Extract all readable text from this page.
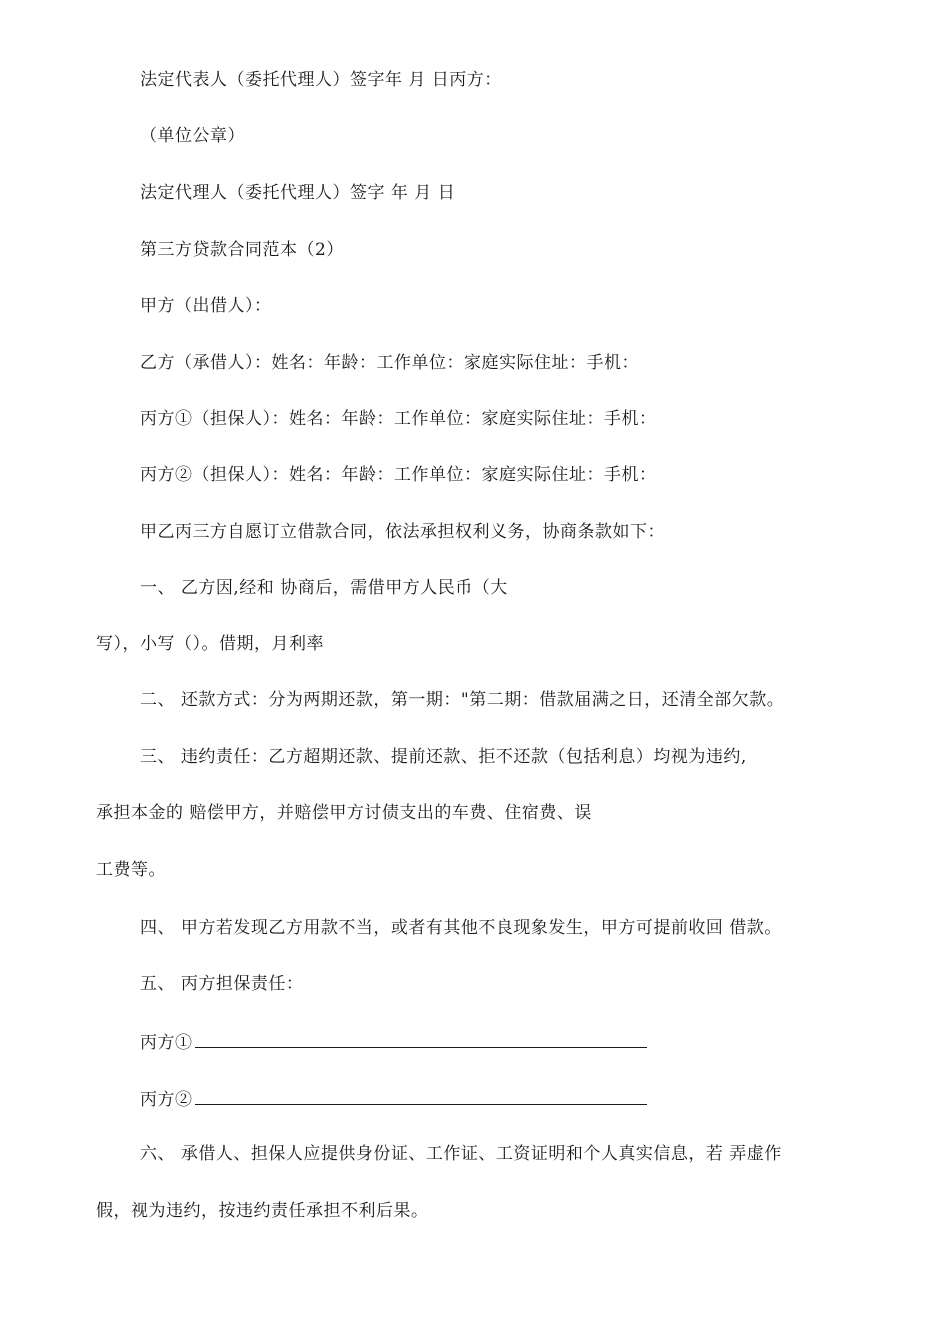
法定代表人（委托代理人）签字年 月 日丙方：
（单位公章）
法定代理人（委托代理人）签字 年 月 日
第三方贷款合同范本（2）
甲方（出借人）：
乙方（承借人）：姓名：年龄：工作单位：家庭实际住址：手机：
丙方①（担保人）：姓名：年龄：工作单位：家庭实际住址：手机：
丙方②（担保人）：姓名：年龄：工作单位：家庭实际住址：手机：
甲乙丙三方自愿订立借款合同，依法承担权利义务，协商条款如下：
一、 乙方因,经和 协商后，需借甲方人民币（大
写），小写（）。借期，月利率
二、 还款方式：分为两期还款，第一期："第二期：借款届满之日，还清全部欠款。
三、 违约责任：乙方超期还款、提前还款、拒不还款（包括利息）均视为违约,
承担本金的 赔偿甲方，并赔偿甲方讨债支出的车费、住宿费、误
工费等。
四、 甲方若发现乙方用款不当，或者有其他不良现象发生，甲方可提前收回 借款。
五、 丙方担保责任：
丙方①
丙方②
六、 承借人、担保人应提供身份证、工作证、工资证明和个人真实信息，若 弄虚作
假，视为违约，按违约责任承担不利后果。
